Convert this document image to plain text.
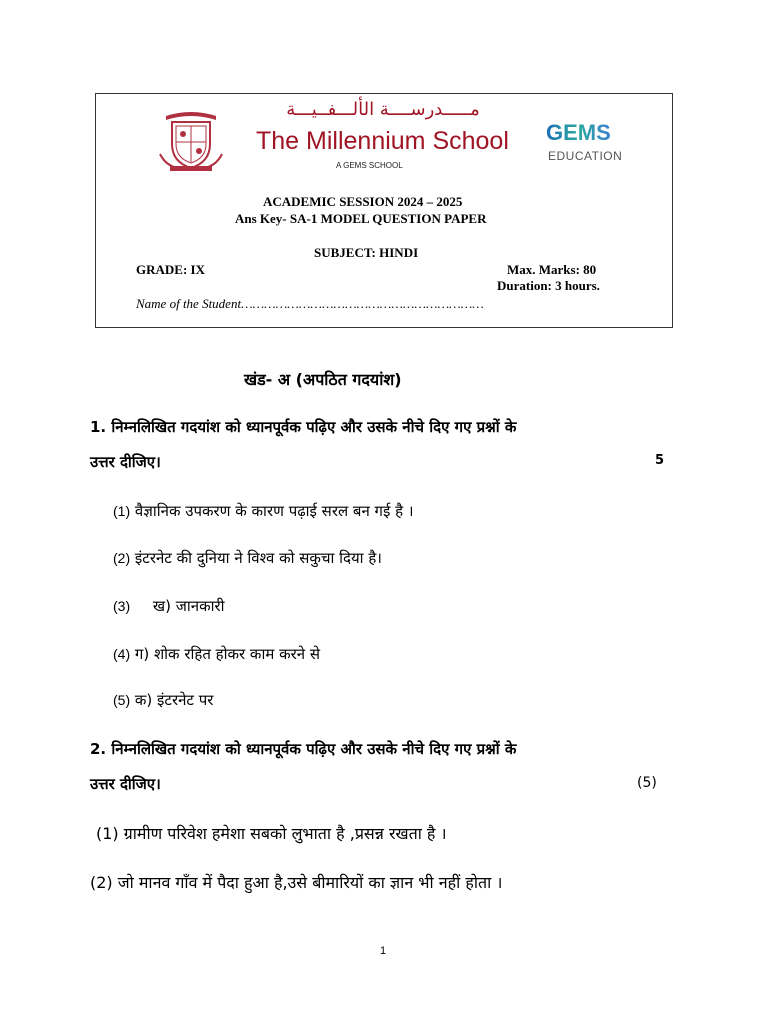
مـــــدرســــة الألـــفــيـــة
The Millennium School
A GEMS SCHOOL
GEMS
EDUCATION
ACADEMIC SESSION 2024 – 2025
Ans Key- SA-1 MODEL QUESTION PAPER
SUBJECT: HINDI
GRADE: IX	Max. Marks: 80
Duration: 3 hours.
Name of the Student………………………………………………………
खंड- अ (अपठित गदयांश)
1. निम्नलिखित गदयांश को ध्यानपूर्वक पढ़िए और उसके नीचे दिए गए प्रश्नों के
उत्तर दीजिए।	5
(1) वैज्ञानिक उपकरण के कारण पढ़ाई सरल बन गई है ।
(2) इंटरनेट की दुनिया ने विश्व को सकुचा दिया है।
(3) ख) जानकारी
(4) ग) शोक रहित होकर काम करने से
(5) क) इंटरनेट पर
2. निम्नलिखित गदयांश को ध्यानपूर्वक पढ़िए और उसके नीचे दिए गए प्रश्नों के
उत्तर दीजिए।	(5)
(1) ग्रामीण परिवेश हमेशा सबको लुभाता है ,प्रसन्न रखता है ।
(2) जो मानव गाँव में पैदा हुआ है,उसे बीमारियों का ज्ञान भी नहीं होता ।
1
